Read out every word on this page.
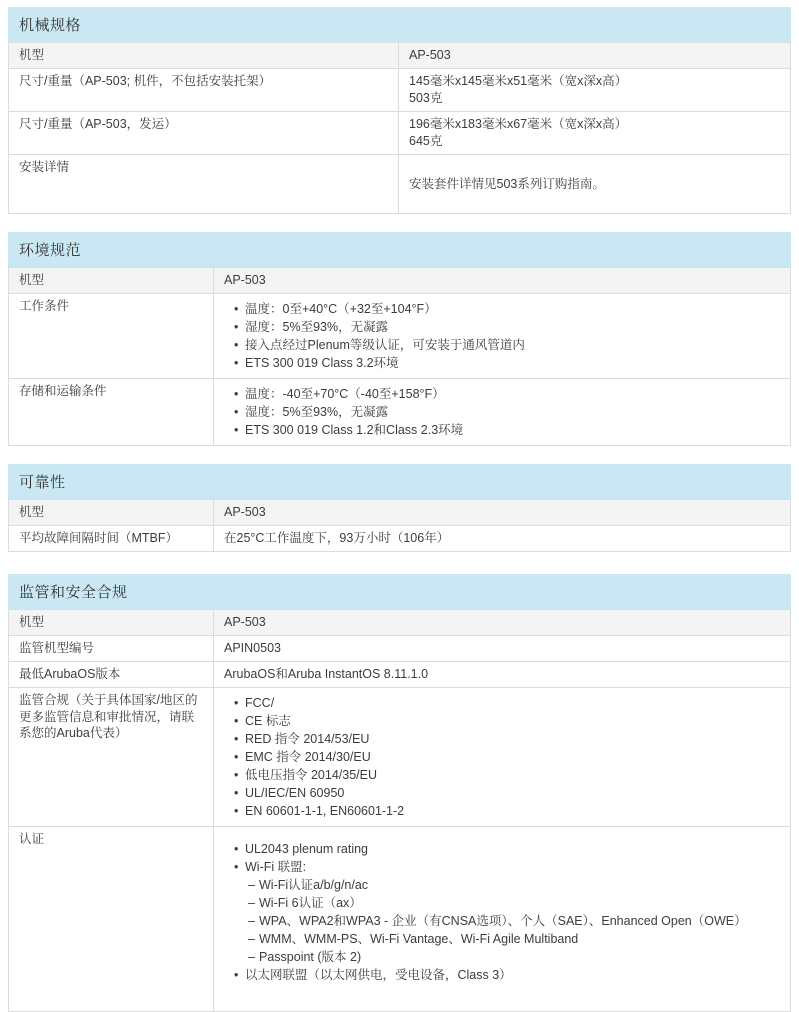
机械规格
机型	AP-503

尺寸/重量（AP-503; 机件，不包括安装托架）	145毫米x145毫米x51毫米（宽x深x高）
503克

尺寸/重量（AP-503，发运）	196毫米x183毫米x67毫米（宽x深x高）
645克

安装详情	安装套件详情见503系列订购指南。
环境规范
机型	AP-503

工作条件	
•温度：0至+40°C（+32至+104°F）
• 湿度：5%至93%，无凝露
• 接入点经过Plenum等级认证，可安装于通风管道内
• ETS 300 019 Class 3.2环境

存储和运输条件	
•温度：-40至+70°C（-40至+158°F）
• 湿度：5%至93%，无凝露
• ETS 300 019 Class 1.2和Class 2.3环境
可靠性
机型	AP-503

平均故障间隔时间（MTBF）	在25°C工作温度下，93万小时（106年）
监管和安全合规
机型	AP-503

监管机型编号	APIN0503

最低ArubaOS版本	ArubaOS和Aruba InstantOS 8.11.1.0

监管合规（关于具体国家/地区的更多监管信息和审批情况，请联系您的Aruba代表）	
• FCC/
• CE 标志
• RED 指令 2014/53/EU
• EMC 指令 2014/30/EU
• 低电压指令 2014/35/EU
• UL/IEC/EN 60950
• EN 60601-1-1, EN60601-1-2

认证	
• UL2043 plenum rating
• Wi-Fi 联盟:
– Wi-Fi认证a/b/g/n/ac
– Wi-Fi 6认证（ax）
– WPA、WPA2和WPA3 - 企业（有CNSA选项）、个人（SAE）、Enhanced Open（OWE）
– WMM、WMM-PS、Wi-Fi Vantage、Wi-Fi Agile Multiband
– Passpoint (版本 2)
• 以太网联盟（以太网供电，受电设备，Class 3）
